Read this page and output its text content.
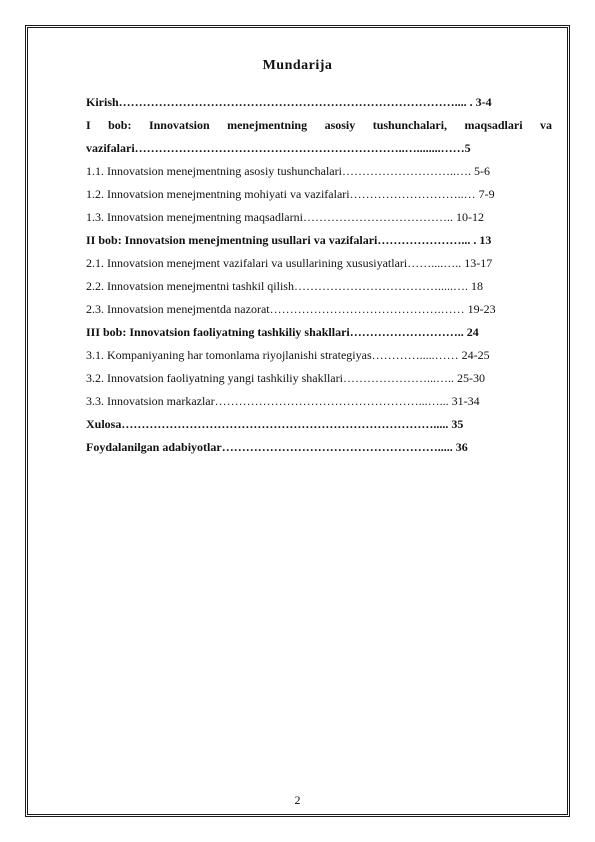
Mundarija
Kirish………………………………………………………………………….... . 3-4
I bob: Innovatsion menejmentning asosiy tushunchalari, maqsadlari va
vazifalari…………………………………………………………..…........……5
1.1. Innovatsion menejmentning asosiy tushunchalari………………………..…. 5-6
1.2. Innovatsion menejmentning mohiyati va vazifalari………………………..… 7-9
1.3. Innovatsion menejmentning maqsadlarni……………………………….. 10-12
II bob: Innovatsion menejmentning usullari va vazifalari…………………... . 13
2.1. Innovatsion menejment vazifalari va usullarining xususiyatlari……....….. 13-17
2.2. Innovatsion menejmentni tashkil qilish……………………………….....…. 18
2.3. Innovatsion menejmentda nazorat…………………………………….…… 19-23
III bob: Innovatsion faoliyatning tashkiliy shakllari……………………….. 24
3.1. Kompaniyaning har tomonlama riyojlanishi strategiyas………….....…… 24-25
3.2. Innovatsion faoliyatning yangi tashkiliy shakllari…………………...….. 25-30
3.3. Innovatsion markazlar……………………………………………...…... 31-34
Xulosa……………………………………………………………………..... 35
Foydalanilgan adabiyotlar………………………………………………..... 36
2
